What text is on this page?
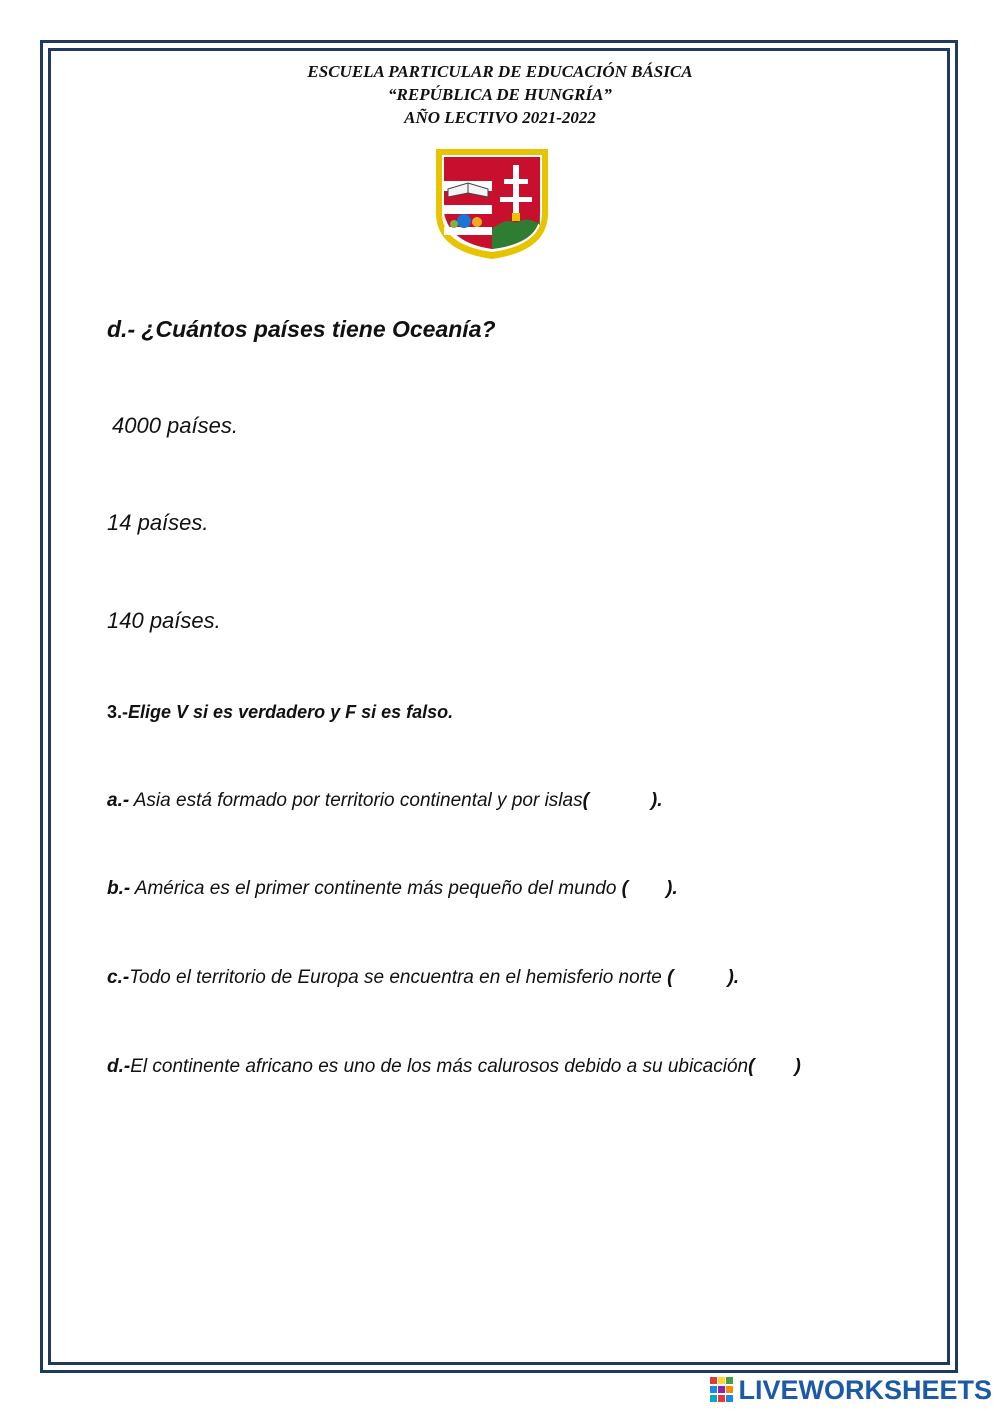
ESCUELA PARTICULAR DE EDUCACIÓN BÁSICA
“REPÚBLICA DE HUNGRÍA”
AÑO LECTIVO 2021-2022
d.- ¿Cuántos países tiene Oceanía?
4000 países.
14 países.
140 países.
3.-Elige V si es verdadero y F si es falso.
a.- Asia está formado por territorio continental y por islas(	).
b.- América es el primer continente más pequeño del mundo ( ).
c.-Todo el territorio de Europa se encuentra en el hemisferio norte (	).
d.-El continente africano es uno de los más calurosos debido a su ubicación( )
LIVEWORKSHEETS
